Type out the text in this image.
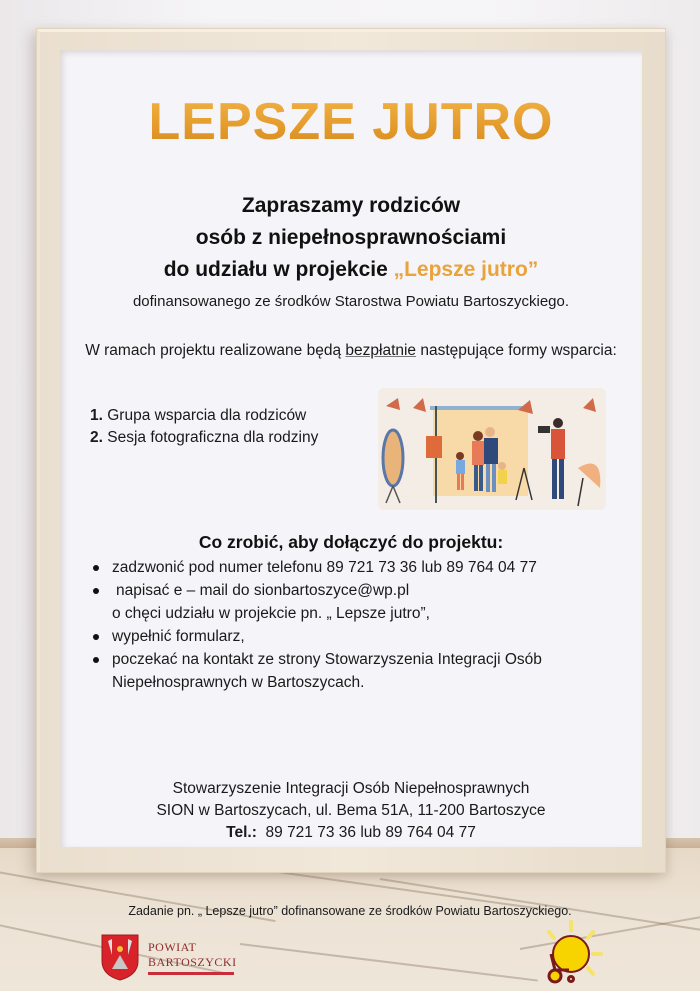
LEPSZE JUTRO
Zapraszamy rodziców
osób z niepełnosprawnościami
do udziału w projekcie „Lepsze jutro”
dofinansowanego ze środków Starostwa Powiatu Bartoszyckiego.
W ramach projektu realizowane będą bezpłatnie następujące formy wsparcia:
1. Grupa wsparcia dla rodziców
2. Sesja fotograficzna dla rodziny
Co zrobić, aby dołączyć do projektu:
zadzwonić pod numer telefonu 89 721 73 36 lub 89 764 04 77
napisać e – mail do sionbartoszyce@wp.pl
o chęci udziału w projekcie pn. „ Lepsze jutro”,
wypełnić formularz,
poczekać na kontakt ze strony Stowarzyszenia Integracji Osób
Niepełnosprawnych w Bartoszycach.
Stowarzyszenie Integracji Osób Niepełnosprawnych
SION w Bartoszycach, ul. Bema 51A, 11-200 Bartoszyce
Tel.: 89 721 73 36 lub 89 764 04 77
Zadanie pn. „ Lepsze jutro” dofinansowane ze środków Powiatu Bartoszyckiego.
POWIAT
BARTOSZYCKI
